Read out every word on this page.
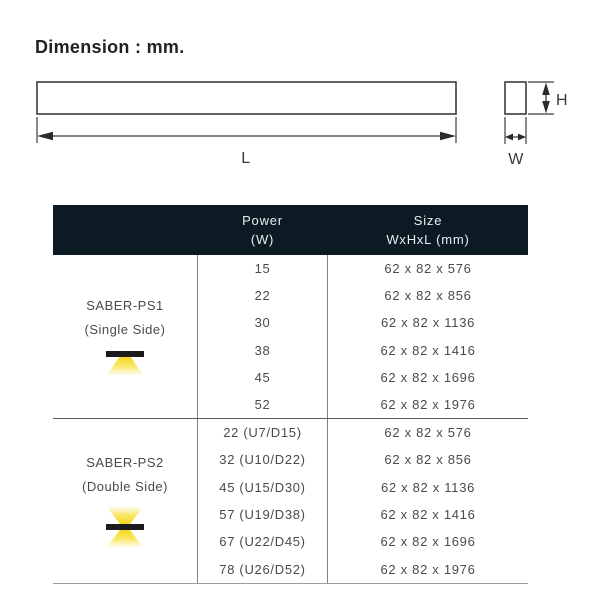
Dimension : mm.
L	W
H
Power
(W)
Size
WxHxL (mm)
SABER-PS1
(Single Side)
15
22
30
38
45
52
62 x 82 x 576
62 x 82 x 856
62 x 82 x 1136
62 x 82 x 1416
62 x 82 x 1696
62 x 82 x 1976
SABER-PS2
(Double Side)
22 (U7/D15)
32 (U10/D22)
45 (U15/D30)
57 (U19/D38)
67 (U22/D45)
78 (U26/D52)
62 x 82 x 576
62 x 82 x 856
62 x 82 x 1136
62 x 82 x 1416
62 x 82 x 1696
62 x 82 x 1976
